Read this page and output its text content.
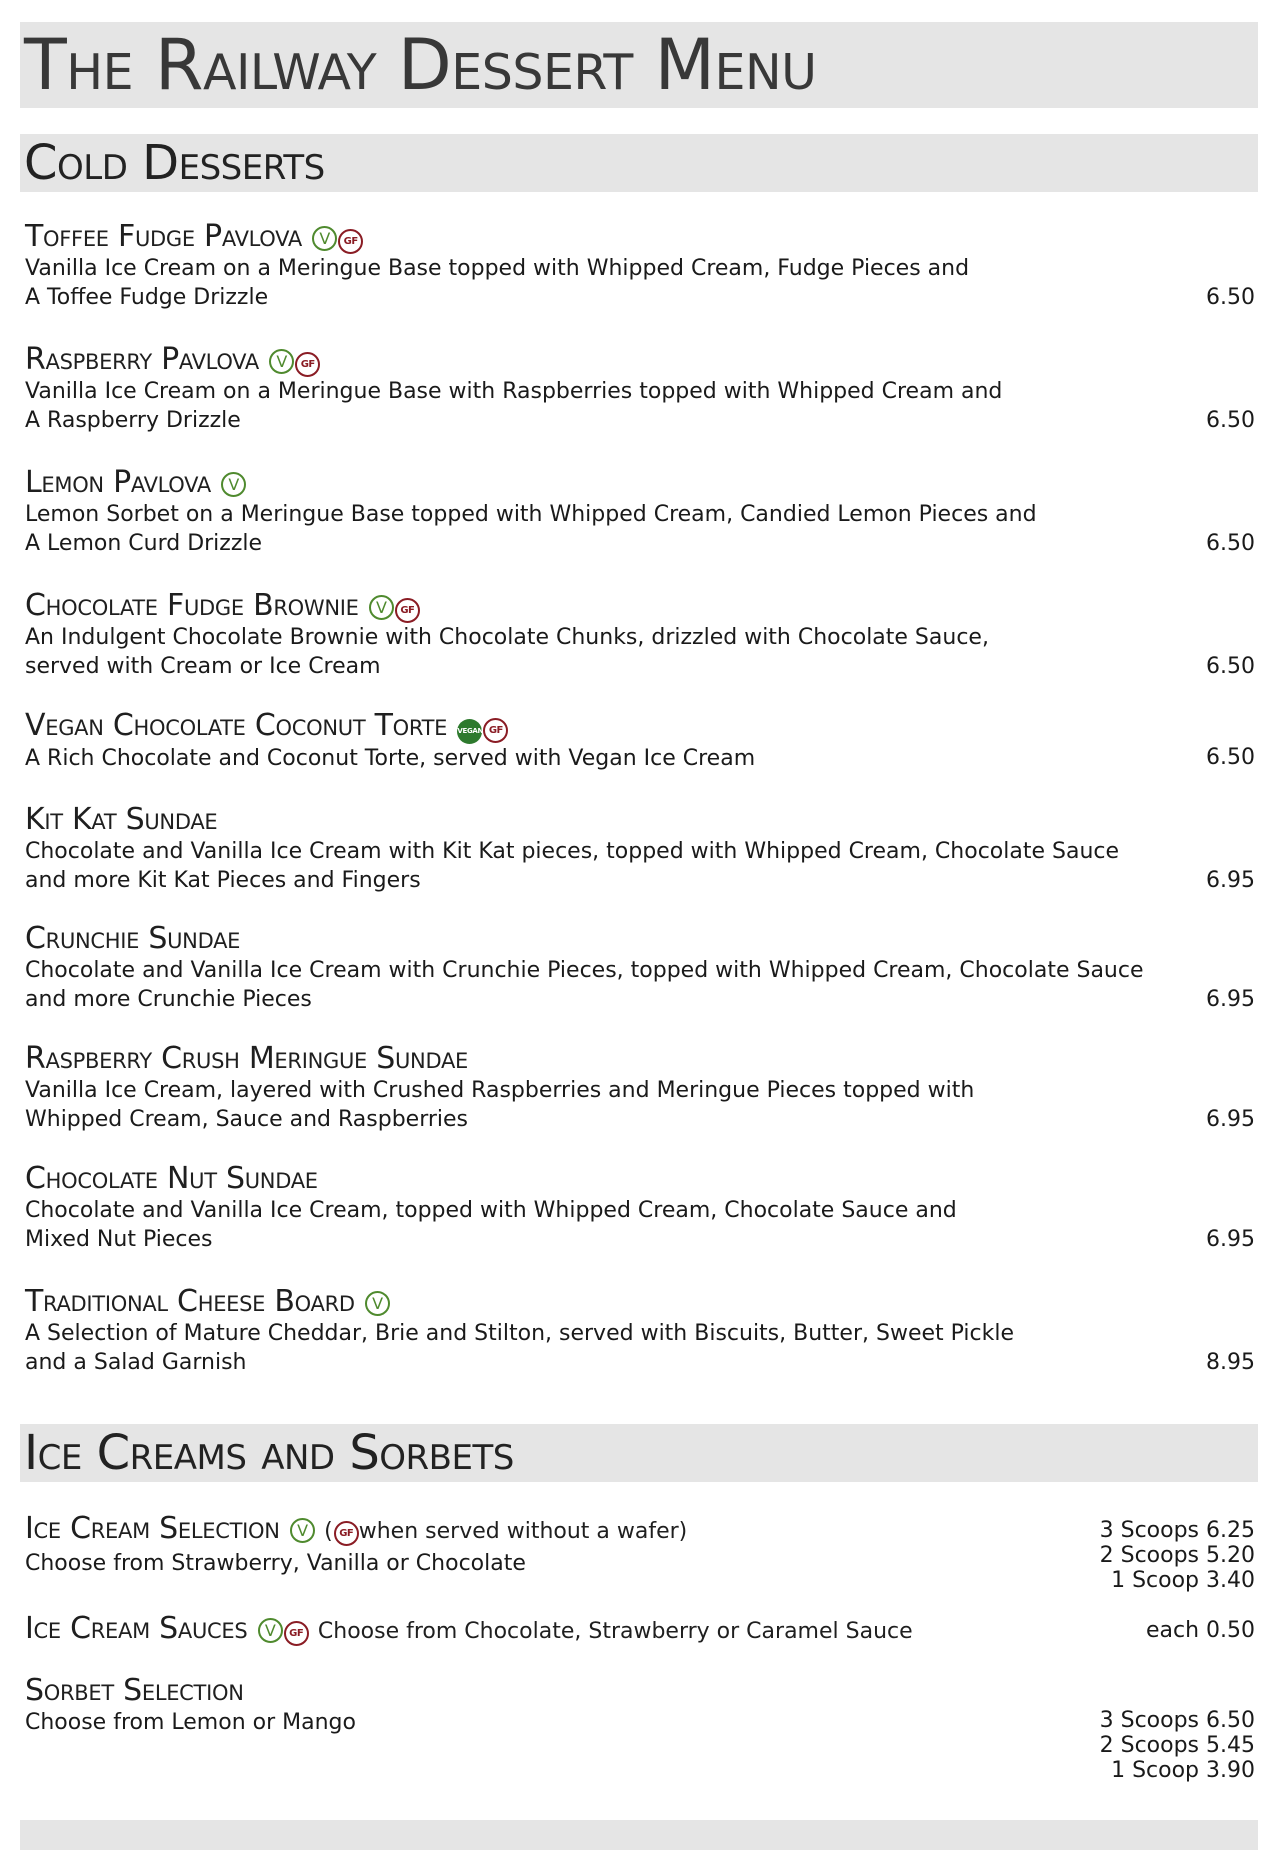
The Railway Dessert Menu
Cold Desserts
Toffee Fudge Pavlova V GF
Vanilla Ice Cream on a Meringue Base topped with Whipped Cream, Fudge Pieces and
A Toffee Fudge Drizzle	6.50
Raspberry Pavlova V GF
Vanilla Ice Cream on a Meringue Base with Raspberries topped with Whipped Cream and
A Raspberry Drizzle	6.50
Lemon Pavlova V
Lemon Sorbet on a Meringue Base topped with Whipped Cream, Candied Lemon Pieces and
A Lemon Curd Drizzle	6.50
Chocolate Fudge Brownie V GF
An Indulgent Chocolate Brownie with Chocolate Chunks, drizzled with Chocolate Sauce,
served with Cream or Ice Cream	6.50
Vegan Chocolate Coconut Torte VEGAN GF
A Rich Chocolate and Coconut Torte, served with Vegan Ice Cream	6.50
Kit Kat Sundae
Chocolate and Vanilla Ice Cream with Kit Kat pieces, topped with Whipped Cream, Chocolate Sauce
and more Kit Kat Pieces and Fingers	6.95
Crunchie Sundae
Chocolate and Vanilla Ice Cream with Crunchie Pieces, topped with Whipped Cream, Chocolate Sauce
and more Crunchie Pieces	6.95
Raspberry Crush Meringue Sundae
Vanilla Ice Cream, layered with Crushed Raspberries and Meringue Pieces topped with
Whipped Cream, Sauce and Raspberries	6.95
Chocolate Nut Sundae
Chocolate and Vanilla Ice Cream, topped with Whipped Cream, Chocolate Sauce and
Mixed Nut Pieces	6.95
Traditional Cheese Board V
A Selection of Mature Cheddar, Brie and Stilton, served with Biscuits, Butter, Sweet Pickle
and a Salad Garnish	8.95
Ice Creams and Sorbets
Ice Cream Selection V ( GF when served without a wafer)
Choose from Strawberry, Vanilla or Chocolate
3 Scoops 6.25
2 Scoops 5.20
1 Scoop 3.40
Ice Cream Sauces V GF Choose from Chocolate, Strawberry or Caramel Sauce	each 0.50
Sorbet Selection
Choose from Lemon or Mango	3 Scoops 6.50
2 Scoops 5.45
1 Scoop 3.90
